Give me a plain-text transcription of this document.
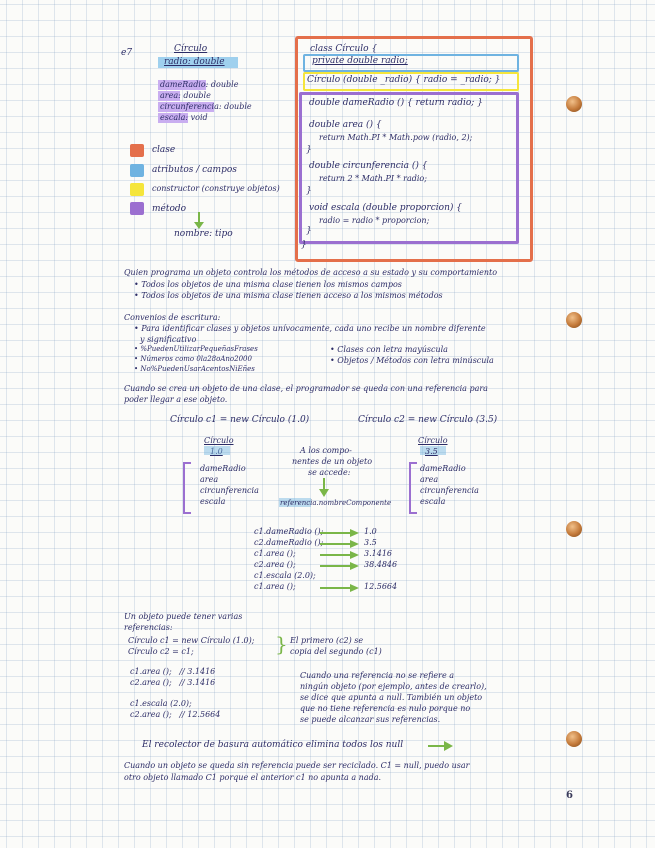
e7	Círculo
radio: double
dameRadio: double
area: double
circunferencia: double
escala: void
clase
atributos / campos
constructor (construye objetos)
método
nombre: tipo
class Círculo {
private double radio;
Círculo (double _radio) { radio = _radio; }
double dameRadio () { return radio; }
double area () {
return Math.PI * Math.pow (radio, 2);
}
double circunferencia () {
return 2 * Math.PI * radio;
}
void escala (double proporcion) {
radio = radio * proporcion;
}
}
Quien programa un objeto controla los métodos de acceso a su estado y su comportamiento
• Todos los objetos de una misma clase tienen los mismos campos
• Todos los objetos de una misma clase tienen acceso a los mismos métodos
Convenios de escritura:
• Para identificar clases y objetos unívocamente, cada uno recibe un nombre diferente
y significativo
• %PuedenUtilizarPequeñasFrases
• Números como 0la28oAno2000
• No%PuedenUsarAcentosNiEñes
• Clases con letra mayúscula
• Objetos / Métodos con letra minúscula
Cuando se crea un objeto de una clase, el programador se queda con una referencia para
poder llegar a ese objeto.
Círculo c1 = new Círculo (1.0)	Círculo c2 = new Círculo (3.5)
Círculo
1.0
dameRadio
area
circunferencia
escala
A los compo-
nentes de un objeto
se accede:
referencia.nombreComponente
Círculo
3.5
dameRadio
area
circunferencia
escala
Un objeto puede tener varias
referencias:
Círculo c1 = new Círculo (1.0);
Círculo c2 = c1;	} El primero (c2) se
copia del segundo (c1)
c1.area ();   // 3.1416
c2.area ();   // 3.1416
c1.escala (2.0);
c2.area ();   // 12.5664
Cuando una referencia no se refiere a
ningún objeto (por ejemplo, antes de crearlo),
se dice que apunta a null. También un objeto
que no tiene referencia es nulo porque no
se puede alcanzar sus referencias.
El recolector de basura automático elimina todos los null
Cuando un objeto se queda sin referencia puede ser reciclado. C1 = null, puedo usar
otro objeto llamado C1 porque el anterior c1 no apunta a nada.
6
c1.dameRadio ();	1.0
c2.dameRadio ();	3.5
c1.area ();	3.1416
c2.area ();	38.4846
c1.escala (2.0);
c1.area ();	12.5664
